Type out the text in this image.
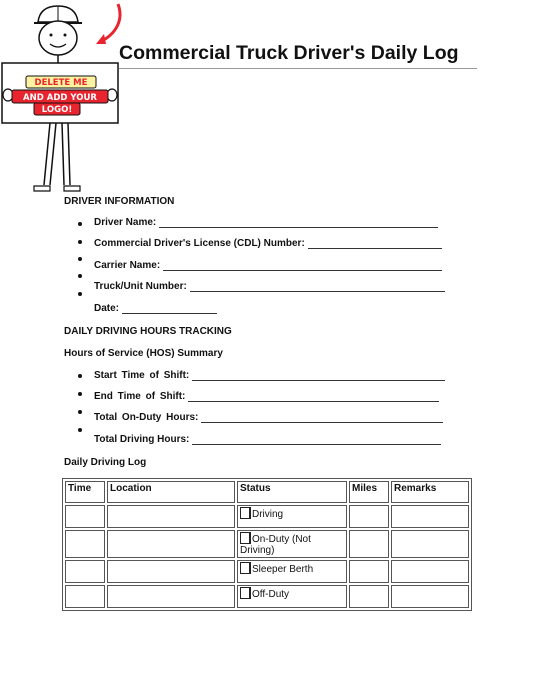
DELETE ME
AND ADD YOUR
LOGO!
Commercial Truck Driver's Daily Log
DRIVER INFORMATION
Driver Name:
Commercial Driver's License (CDL) Number:
Carrier Name:
Truck/Unit Number:
Date:
DAILY DRIVING HOURS TRACKING
Hours of Service (HOS) Summary
Start Time of Shift:
End Time of Shift:
Total On-Duty Hours:
Total Driving Hours:
Daily Driving Log
Time	Location	Status	Miles	Remarks
		Driving		
		On-Duty (Not Driving)		
		Sleeper Berth		
		Off-Duty		
